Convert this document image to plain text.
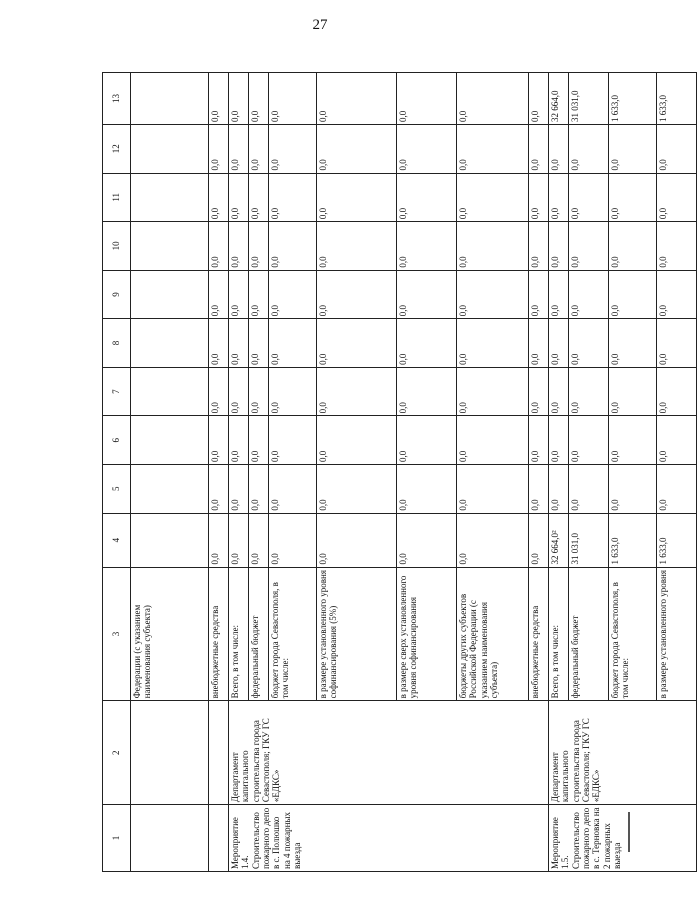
27
1	2	3	4	5	6	7	8	9	10	11	12	13
		Федерации (с указанием наименования субъекта)										
		внебюджетные средства	0,0	0,0	0,0	0,0	0,0	0,0	0,0	0,0	0,0	0,0
Мероприятие 1.4. Строительство пожарного депо в с. Полюшко на 4 пожарных выезда	Департамент капитального строительства города Севастополя; ГКУ ГС «ЕДКС»	Всего, в том числе:	0,0	0,0	0,0	0,0	0,0	0,0	0,0	0,0	0,0	0,0
		федеральный бюджет	0,0	0,0	0,0	0,0	0,0	0,0	0,0	0,0	0,0	0,0
		бюджет города Севастополя, в том числе:	0,0	0,0	0,0	0,0	0,0	0,0	0,0	0,0	0,0	0,0
		в размере установленного уровня софинансирования (5%)	0,0	0,0	0,0	0,0	0,0	0,0	0,0	0,0	0,0	0,0
		в размере сверх установленного уровня софинансирования	0,0	0,0	0,0	0,0	0,0	0,0	0,0	0,0	0,0	0,0
		бюджеты других субъектов Российской Федерации (с указанием наименования субъекта)	0,0	0,0	0,0	0,0	0,0	0,0	0,0	0,0	0,0	0,0
		внебюджетные средства	0,0	0,0	0,0	0,0	0,0	0,0	0,0	0,0	0,0	0,0
Мероприятие 1.5. Строительство пожарного депо в с. Терновка на 2 пожарных выезда	Департамент капитального строительства города Севастополя; ГКУ ГС «ЕДКС»	Всего, в том числе:	32 664,0²	0,0	0,0	0,0	0,0	0,0	0,0	0,0	0,0	32 664,0
		федеральный бюджет	31 031,0	0,0	0,0	0,0	0,0	0,0	0,0	0,0	0,0	31 031,0
		бюджет города Севастополя, в том числе:	1 633,0	0,0	0,0	0,0	0,0	0,0	0,0	0,0	0,0	1 633,0
		в размере установленного уровня	1 633,0	0,0	0,0	0,0	0,0	0,0	0,0	0,0	0,0	1 633,0
